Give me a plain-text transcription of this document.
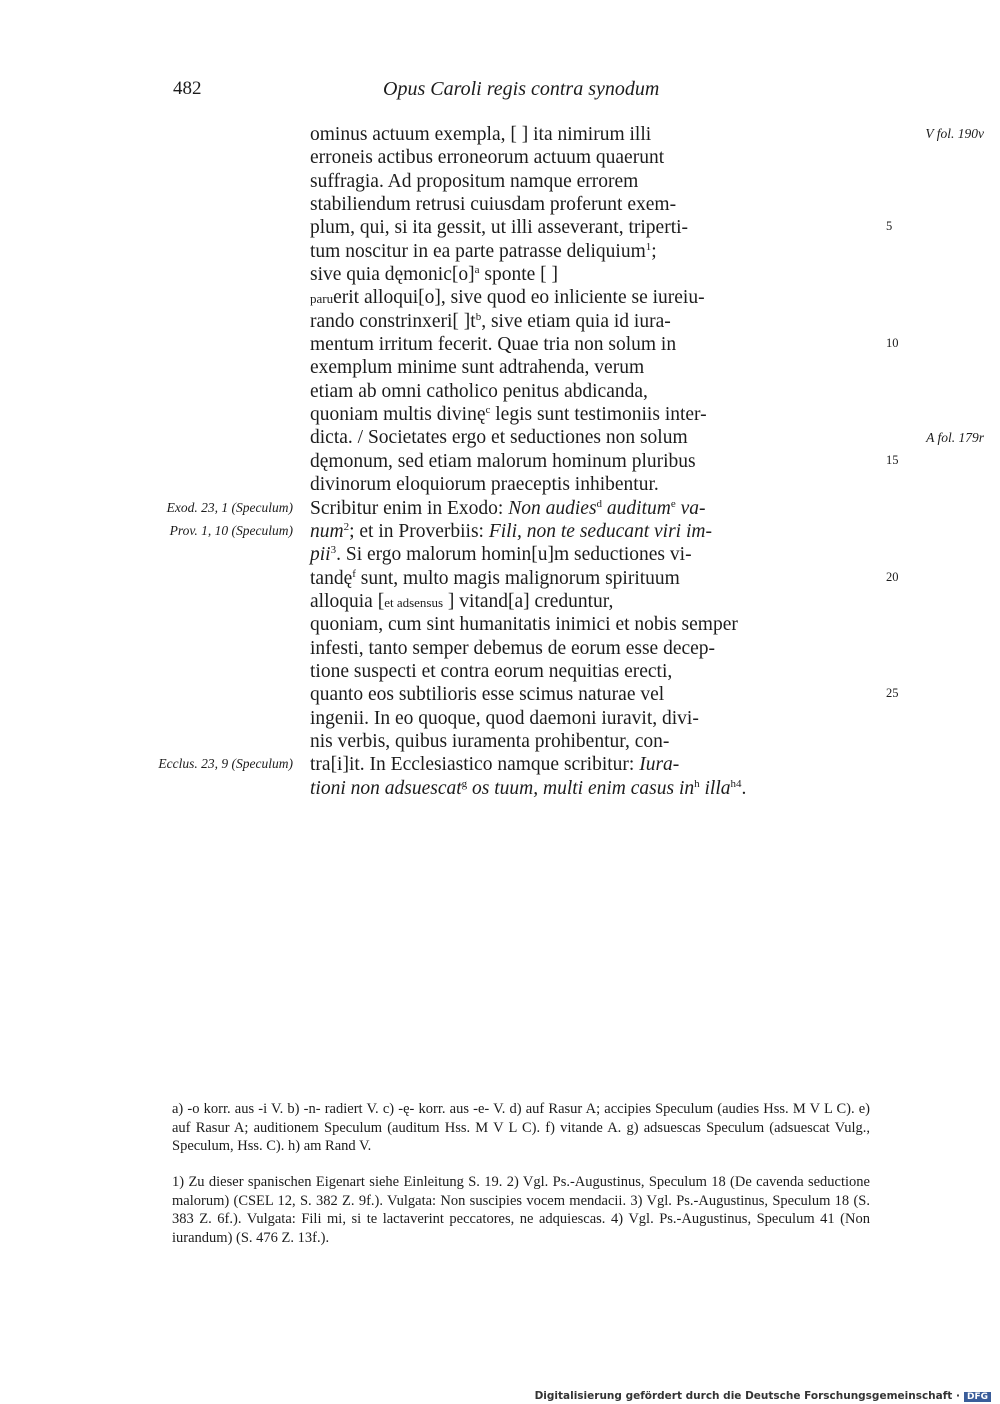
482	Opus Caroli regis contra synodum
ominus actuum exempla, [ ] ita nimirum illi
erroneis actibus erroneorum actuum quaerunt
suffragia. Ad propositum namque errorem
stabiliendum retrusi cuiusdam proferunt exem-
plum, qui, si ita gessit, ut illi asseverant, triperti-
tum noscitur in ea parte patrasse deliquium$^1$;
sive quia $dęmonic[o]^a$ sponte [ ]
paruerit alloqui[o], sive quod eo inliciente se iureiu-
rando constrinxeri[ ]$t^b$, sive etiam quia id iura-
mentum irritum fecerit. Quae tria non solum in
exemplum minime sunt adtrahenda, verum
etiam ab omni catholico penitus abdicanda,
quoniam multis divinę$^c$ legis sunt testimoniis inter-
dicta. / Societates ergo et seductiones non solum
dęmonum, sed etiam malorum hominum pluribus
divinorum eloquiorum praeceptis inhibentur.
Scribitur enim in Exodo: Non audies$^d$ auditum$^e$ va-
num$^2$; et in Proverbiis: Fili, non te seducant viri im-
pii$^3$. Si ergo malorum homin[u]m seductiones vi-
tandę$^f$ sunt, multo magis malignorum spirituum
alloquia [et adsensus ] vitand[a] creduntur,
quoniam, cum sint humanitatis inimici et nobis semper
infesti, tanto semper debemus de eorum esse decep-
tione suspecti et contra eorum nequitias erecti,
quanto eos subtilioris esse scimus naturae vel
ingenii. In eo quoque, quod daemoni iuravit, divi-
nis verbis, quibus iuramenta prohibentur, con-
tra[i]it. In Ecclesiastico namque scribitur: Iura-
tioni non adsuescat$^g$ os tuum, multi enim casus $in^h$ illa$^{h4}$.
Exod. 23, 1 (Speculum)
Prov. 1, 10 (Speculum)
Ecclus. 23, 9 (Speculum)
V fol. 190v
A fol. 179r
5
10
15
20
25

a) -o korr. aus -i V. b) -n- radiert V. c) -ę- korr. aus -e- V. d) auf Rasur A; accipies Speculum (audies Hss. M V L C). e) auf Rasur A; auditionem Speculum (auditum Hss. M V L C). f) vitande A. g) adsuescas Speculum (adsuescat Vulg., Speculum, Hss. C). h) am Rand V.

1) Zu dieser spanischen Eigenart siehe Einleitung S. 19. 2) Vgl. Ps.-Augustinus, Speculum 18 (De cavenda seductione malorum) (CSEL 12, S. 382 Z. 9f.). Vulgata: Non suscipies vocem mendacii. 3) Vgl. Ps.-Augustinus, Speculum 18 (S. 383 Z. 6f.). Vulgata: Fili mi, si te lactaverint peccatores, ne adquiescas. 4) Vgl. Ps.-Augustinus, Speculum 41 (Non iurandum) (S. 476 Z. 13f.).

Digitalisierung gefördert durch die Deutsche Forschungsgemeinschaft · DFG
